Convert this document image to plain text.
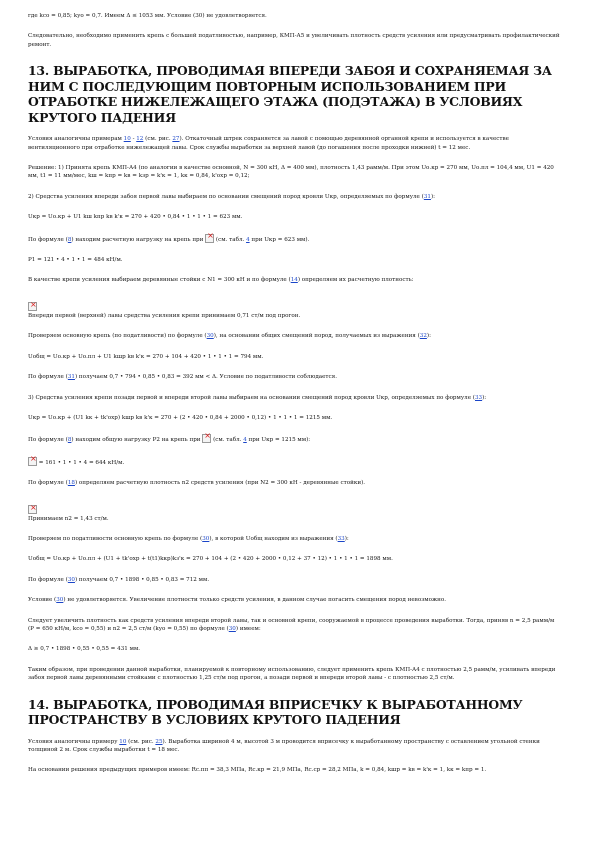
где kсо = 0,85; kуо = 0,7. Имеем Δ ≤ 1053 мм. Условие (30) не удовлетворяется.

Следовательно, необходимо применить крепь с большей податливостью, например, КМП-А5 и увеличивать плотность средств усиления или предусматривать профилактический ремонт.

13. ВЫРАБОТКА, ПРОВОДИМАЯ ВПЕРЕДИ ЗАБОЯ И СОХРАНЯЕМАЯ ЗА НИМ С ПОСЛЕДУЮЩИМ ПОВТОРНЫМ ИСПОЛЬЗОВАНИЕМ ПРИ ОТРАБОТКЕ НИЖЕЛЕЖАЩЕГО ЭТАЖА (ПОДЭТАЖА) В УСЛОВИЯХ КРУТОГО ПАДЕНИЯ

Условия аналогичны примерам 10 - 12 (см. рис. 27). Откаточный штрек сохраняется за лавой с помощью деревянной органной крепи и используется в качестве вентиляционного при отработке нижележащей лавы. Срок службы выработки за верхней лавой (до погашения после проходки нижней) t = 12 мес.

Решение: 1) Принята крепь КМП-А4 (по аналогии в качестве основной, N = 300 кН, Δ = 400 мм), плотность 1,43 рамм/м. При этом Uо.кр = 270 мм, Uо.пл = 104,4 мм, U1 = 420 мм, t1 = 11 мм/мес, kш = kпр = kв = kзр = k'к = 1, kк = 0,84, k'охр = 0,12;

2) Средства усиления впереди забоя первой лавы выбираем по основании смещений пород кровли Uкр, определяемых по формуле (31):

Uкр = Uо.кр + U1 kш kпр kв k'к = 270 + 420 • 0,84 • 1 • 1 • 1 = 623 мм.

По формуле (8) находим расчетную нагрузку на крепь при × (см. табл. 4 при Uкр = 623 мм).

P1 = 121 • 4 • 1 • 1 = 484 кН/м.

В качестве крепи усиления выбираем деревянные стойки с N1 = 300 кН и по формуле (14) определяем их расчетную плотность:

×

Впереди первой (верхней) лавы средства усиления крепи принимаем 0,71 ст/м под прогон.

Проверяем основную крепь (по податливости) по формуле (30), на основании общих смещений пород, получаемых из выражения (32):

Uобщ = Uо.кр + Uо.пл + U1 kшр kв k'к = 270 + 104 + 420 • 1 • 1 • 1 = 794 мм.

По формуле (31) получаем 0,7 • 794 • 0,85 • 0,83 = 392 мм < Δ. Условие по податливости соблюдается.

3) Средства усиления крепи позади первой и впереди второй лавы выбираем на основании смещений пород кровли Uкр, определяемых по формуле (33):

Uкр = Uо.кр + (U1 kк + tk'охр) kшр kв k'к = 270 + (2 • 420 • 0,84 + 2000 • 0,12) • 1 • 1 • 1 = 1215 мм.

По формуле (8) находим общую нагрузку P2 на крепь при × (см. табл. 4 при Uкр = 1215 мм):

× = 161 • 1 • 1 • 4 = 644 кН/м.

По формуле (18) определяем расчетную плотность n2 средств усиления (при N2 = 300 кН - деревянные стойки).

×

Принимаем n2 = 1,43 ст/м.

Проверяем по податливости основную крепь по формуле (30), в которой Uобщ находим из выражения (33):

Uобщ = Uо.кр + Uо.пл + (U1 + tk'охр + t(t1)kкр)kз'к = 270 + 104 + (2 • 420 + 2000 • 0,12 + 37 • 12) • 1 • 1 • 1 = 1898 мм.

По формуле (30) получаем 0,7 • 1898 • 0,85 • 0,83 = 712 мм.

Условие (30) не удовлетворяется. Увеличение плотности только средств усиления, в данном случае погасить смещения пород невозможно.

Следует увеличить плотность как средств усиления впереди второй лавы, так и основной крепи, сооружаемой в процессе проведения выработки. Тогда, приняв n = 2,5 рамм/м (P = 650 кН/м, kсо = 0,55) и n2 = 2,5 ст/м (kуо = 0,55) по формуле (30) имеем:

Δ ≥ 0,7 • 1898 • 0,55 • 0,55 = 431 мм.

Таким образом, при проведении данной выработки, планируемой к повторному использованию, следует применить крепь КМП-А4 с плотностью 2,5 рамм/м, усиливать впереди забоя первой лавы деревянными стойками с плотностью 1,25 ст/м под прогон, а позади первой и впереди второй лавы - с плотностью 2,5 ст/м.

14. ВЫРАБОТКА, ПРОВОДИМАЯ ВПРИСЕЧКУ К ВЫРАБОТАННОМУ ПРОСТРАНСТВУ В УСЛОВИЯХ КРУТОГО ПАДЕНИЯ

Условия аналогичны примеру 10 (см. рис. 25). Выработка шириной 4 м, высотой 3 м проводится вприсечку к выработанному пространству с оставлением угольной стенки толщиной 2 м. Срок службы выработки t = 18 мес.

На основании решения предыдущих примеров имеем: Rс.пп = 38,3 МПа, Rс.кр = 21,9 МПа, Rс.ср = 28,2 МПа, k = 0,84, kшр = kв = k'к = 1, kк = kпр = 1.
